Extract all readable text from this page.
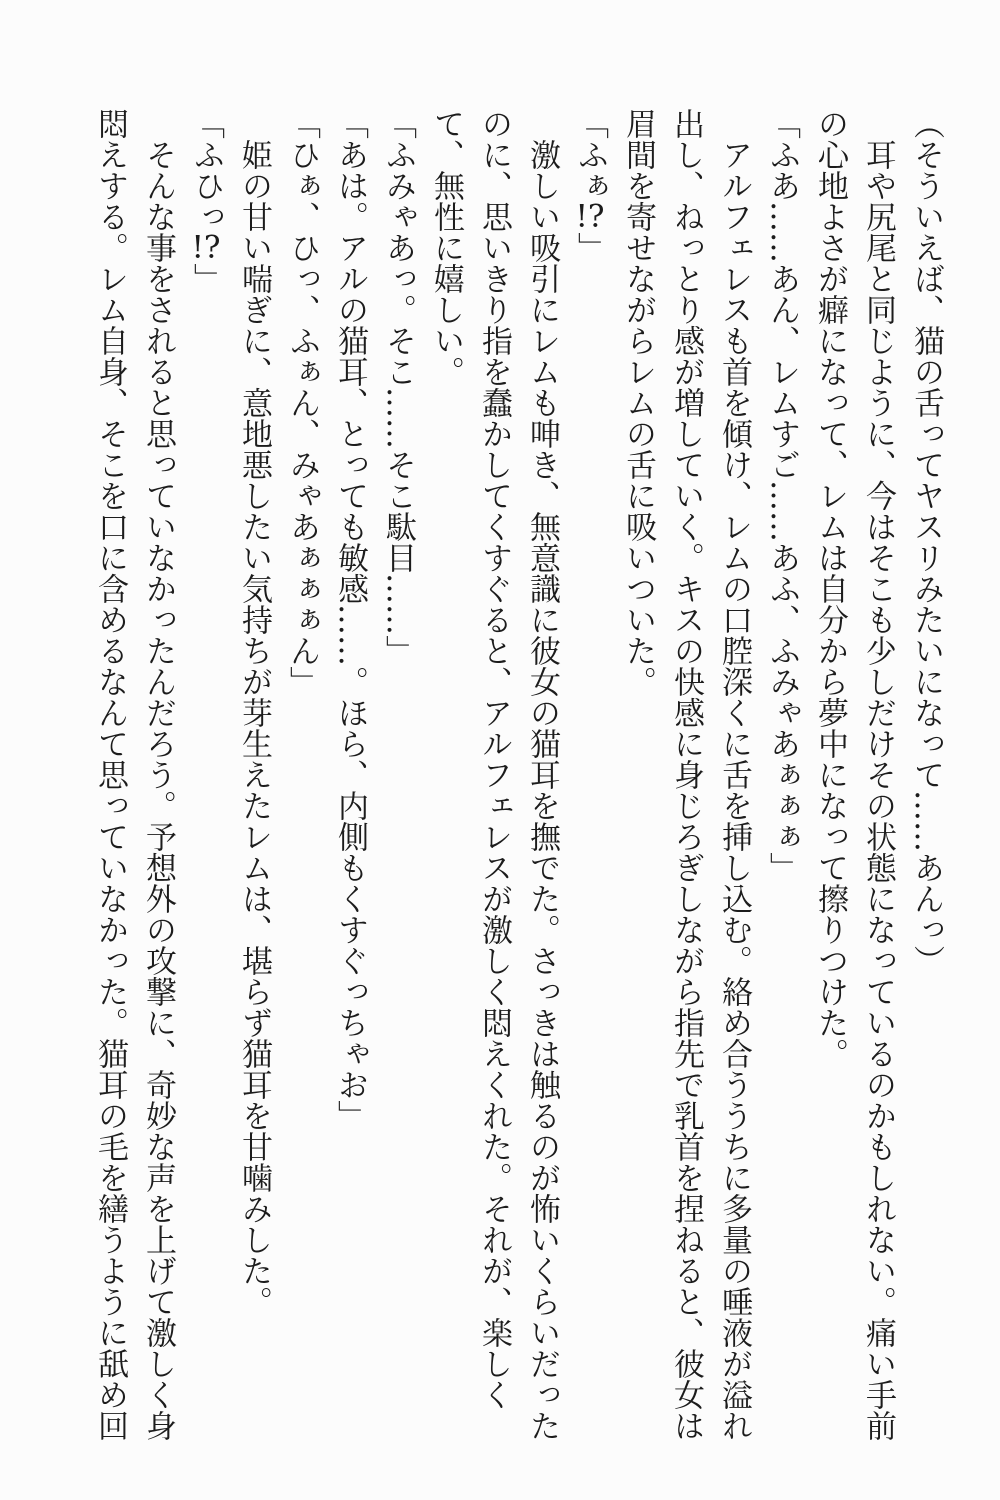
（そういえば、猫の舌ってヤスリみたいになって……あんっ）

耳や尻尾と同じように、今はそこも少しだけその状態になっているのかもしれない。痛い手前の心地よさが癖になって、レムは自分から夢中になって擦りつけた。

「ふあ……あん、レムすご……あふ、ふみゃあぁぁぁ」

アルフェレスも首を傾け、レムの口腔深くに舌を挿し込む。絡め合ううちに多量の唾液が溢れ出し、ねっとり感が増していく。キスの快感に身じろぎしながら指先で乳首を捏ねると、彼女は眉間を寄せながらレムの舌に吸いついた。

「ふぁ!?」

激しい吸引にレムも呻き、無意識に彼女の猫耳を撫でた。さっきは触るのが怖いくらいだったのに、思いきり指を蠢かしてくすぐると、アルフェレスが激しく悶えくれた。それが、楽しくて、無性に嬉しい。

「ふみゃあっ。そこ……そこ駄目……」

「あは。アルの猫耳、とっても敏感……。ほら、内側もくすぐっちゃお」

「ひぁ、ひっ、ふぁん、みゃあぁぁぁん」

姫の甘い喘ぎに、意地悪したい気持ちが芽生えたレムは、堪らず猫耳を甘噛みした。

「ふひっ!?」

そんな事をされると思っていなかったんだろう。予想外の攻撃に、奇妙な声を上げて激しく身悶えする。レム自身、そこを口に含めるなんて思っていなかった。猫耳の毛を繕うように舐め回
